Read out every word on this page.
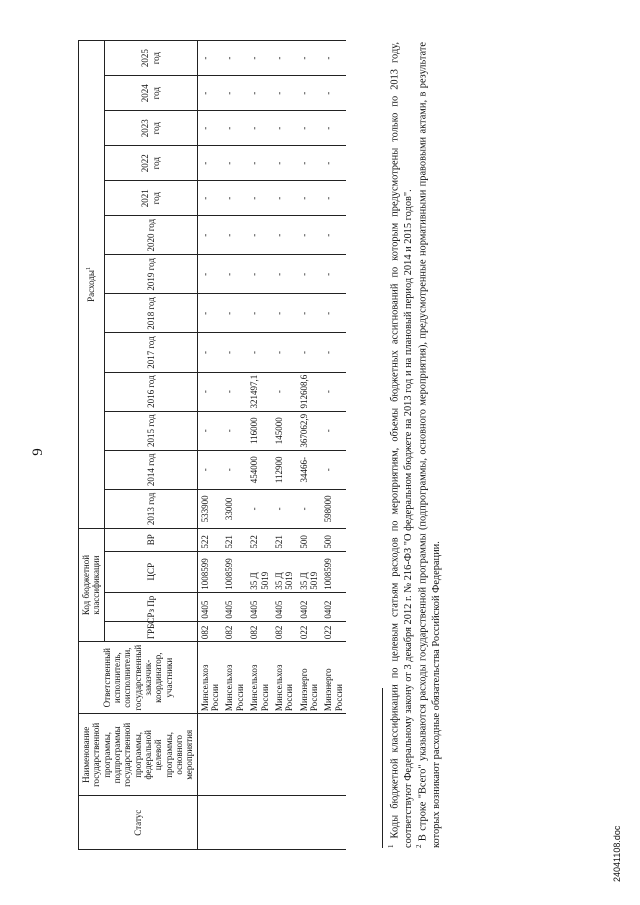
9
Статус	Наименование государственной программы, подпрограммы государственной программы, федеральной целевой программы, основного мероприятия	Ответственный исполнитель, соисполнители, государственный заказчик-координатор, участники	Код бюджетной классификации				Расходы$^1$
			ГРБС	Рз Пр	ЦСР	ВР	2013 год	2014 год	2015 год	2016 год	2017 год	2018 год	2019 год	2020 год	2021 год	2022 год	2023 год	2024 год	2025 год

		Минсельхоз России	082	0405	1008599	522	533900	-	-	-	-	-	-	-	-	-	-	-	-
		Минсельхоз России	082	0405	1008599	521	33000	-	-	-	-	-	-	-	-	-	-	-	-
		Минсельхоз России	082	0405	35 Д 5019	522	-	454000	116000	321497,1	-	-	-	-	-	-	-	-	-
		Минсельхоз России	082	0405	35 Д 5019	521	-	112900	145000	-	-	-	-	-	-	-	-	-	-
		Минэнерго России	022	0402	35 Д 5019	500	-	34466-	367062,9	912608,6	-	-	-	-	-	-	-	-	-
		Минэнерго России	022	0402	1008599	500	598000	-	-	-	-	-	-	-	-	-	-	-	-

$^1$ Коды бюджетной классификации по целевым статьям расходов по мероприятиям, объемы бюджетных ассигнований по которым предусмотрены только по 2013 году, соответствуют Федеральному закону от 3 декабря 2012 г. № 216-ФЗ "О федеральном бюджете на 2013 год и на плановый период 2014 и 2015 годов". $^2$ В строке "Всего" указываются расходы государственной программы (подпрограммы, основного мероприятия), предусмотренные нормативными правовыми актами, в результате которых возникают расходные обязательства Российской Федерации.

24041108.doc
